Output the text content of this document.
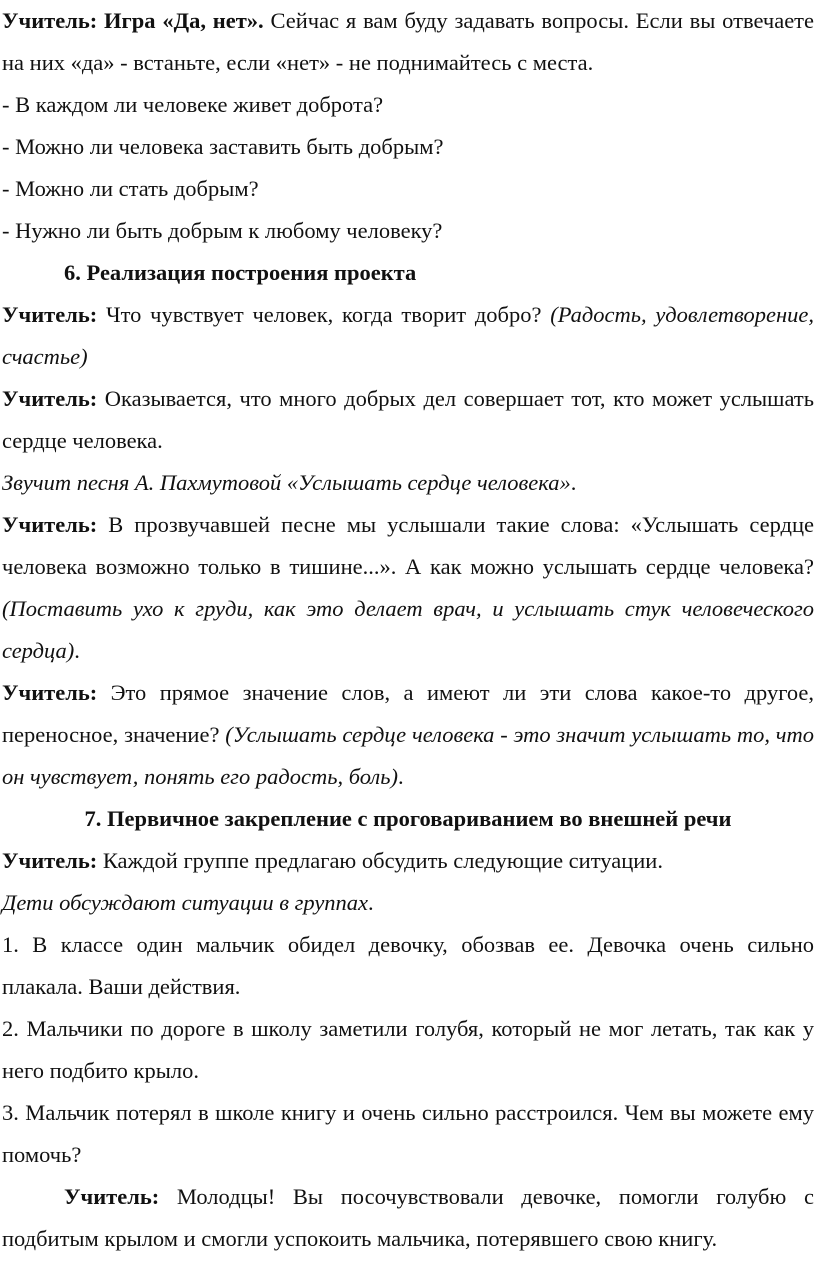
Учитель: Игра «Да, нет». Сейчас я вам буду задавать вопросы. Если вы отвечаете на них «да» - встаньте, если «нет» - не поднимайтесь с места.

- В каждом ли человеке живет доброта?

- Можно ли человека заставить быть добрым?

- Можно ли стать добрым?

- Нужно ли быть добрым к любому человеку?

6. Реализация построения проекта

Учитель: Что чувствует человек, когда творит добро? (Радость, удовлетворение, счастье)

Учитель: Оказывается, что много добрых дел совершает тот, кто может услышать сердце человека.

Звучит песня А. Пахмутовой «Услышать сердце человека».

Учитель: В прозвучавшей песне мы услышали такие слова: «Услышать сердце человека возможно только в тишине...». А как можно услышать сердце человека? (Поставить ухо к груди, как это делает врач, и услышать стук человеческого сердца).

Учитель: Это прямое значение слов, а имеют ли эти слова какое-то другое, переносное, значение? (Услышать сердце человека - это значит услышать то, что он чувствует, понять его радость, боль).

7. Первичное закрепление с проговариванием во внешней речи

Учитель: Каждой группе предлагаю обсудить следующие ситуации.

Дети обсуждают ситуации в группах.

1. В классе один мальчик обидел девочку, обозвав ее. Девочка очень сильно плакала. Ваши действия.

2. Мальчики по дороге в школу заметили голубя, который не мог летать, так как у него подбито крыло.

3. Мальчик потерял в школе книгу и очень сильно расстроился. Чем вы можете ему помочь?

Учитель: Молодцы! Вы посочувствовали девочке, помогли голубю с подбитым крылом и смогли успокоить мальчика, потерявшего свою книгу.
